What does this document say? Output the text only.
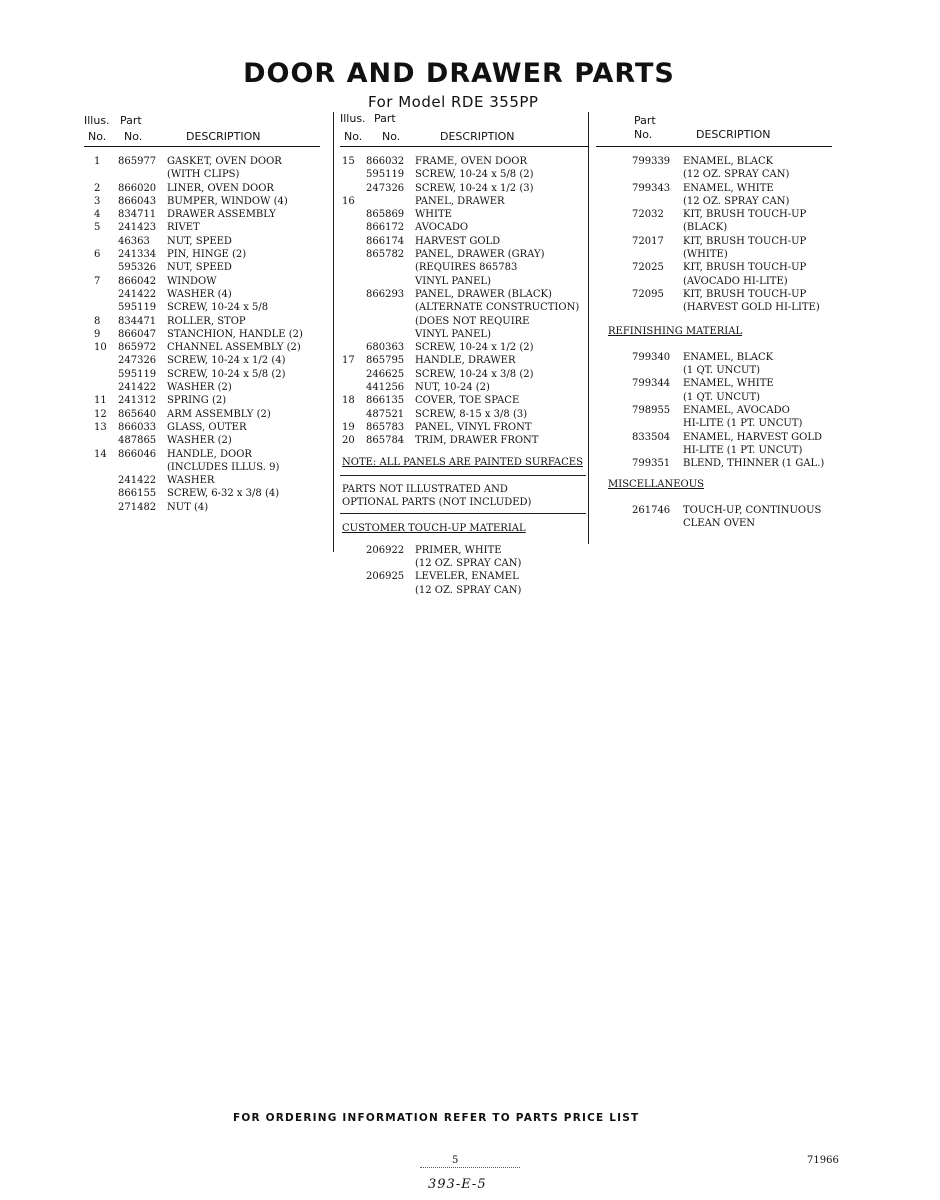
DOOR AND DRAWER PARTS
For Model RDE 355PP
Illus. Part
No. No.	DESCRIPTION
1 865977 GASKET, OVEN DOOR
(WITH CLIPS)
2 866020 LINER, OVEN DOOR
3 866043 BUMPER, WINDOW (4)
4 834711 DRAWER ASSEMBLY
5 241423 RIVET
46363 NUT, SPEED
6 241334 PIN, HINGE (2)
595326 NUT, SPEED
7 866042 WINDOW
241422 WASHER (4)
595119 SCREW, 10-24 x 5/8
8 834471 ROLLER, STOP
9 866047 STANCHION, HANDLE (2)
10 865972 CHANNEL ASSEMBLY (2)
247326 SCREW, 10-24 x 1/2 (4)
595119 SCREW, 10-24 x 5/8 (2)
241422 WASHER (2)
11 241312 SPRING (2)
12 865640 ARM ASSEMBLY (2)
13 866033 GLASS, OUTER
487865 WASHER (2)
14 866046 HANDLE, DOOR
(INCLUDES ILLUS. 9)
241422 WASHER
866155 SCREW, 6-32 x 3/8 (4)
271482 NUT (4)
Illus. Part
No. No.	DESCRIPTION
15 866032 FRAME, OVEN DOOR
595119 SCREW, 10-24 x 5/8 (2)
247326 SCREW, 10-24 x 1/2 (3)
16	PANEL, DRAWER
865869 WHITE
866172 AVOCADO
866174 HARVEST GOLD
865782 PANEL, DRAWER (GRAY)
(REQUIRES 865783
VINYL PANEL)
866293 PANEL, DRAWER (BLACK)
(ALTERNATE CONSTRUCTION)
(DOES NOT REQUIRE
VINYL PANEL)
680363 SCREW, 10-24 x 1/2 (2)
17 865795 HANDLE, DRAWER
246625 SCREW, 10-24 x 3/8 (2)
441256 NUT, 10-24 (2)
18 866135 COVER, TOE SPACE
487521 SCREW, 8-15 x 3/8 (3)
19 865783 PANEL, VINYL FRONT
20 865784 TRIM, DRAWER FRONT
NOTE: ALL PANELS ARE PAINTED SURFACES
PARTS NOT ILLUSTRATED AND
OPTIONAL PARTS (NOT INCLUDED)
CUSTOMER TOUCH-UP MATERIAL
206922 PRIMER, WHITE
(12 OZ. SPRAY CAN)
206925 LEVELER, ENAMEL
(12 OZ. SPRAY CAN)
Part
No.	DESCRIPTION
799339 ENAMEL, BLACK
(12 OZ. SPRAY CAN)
799343 ENAMEL, WHITE
(12 OZ. SPRAY CAN)
72032 KIT, BRUSH TOUCH-UP
(BLACK)
72017 KIT, BRUSH TOUCH-UP
(WHITE)
72025 KIT, BRUSH TOUCH-UP
(AVOCADO HI-LITE)
72095 KIT, BRUSH TOUCH-UP
(HARVEST GOLD HI-LITE)
REFINISHING MATERIAL
799340 ENAMEL, BLACK
(1 QT. UNCUT)
799344 ENAMEL, WHITE
(1 QT. UNCUT)
798955 ENAMEL, AVOCADO
HI-LITE (1 PT. UNCUT)
833504 ENAMEL, HARVEST GOLD
HI-LITE (1 PT. UNCUT)
799351 BLEND, THINNER (1 GAL.)
MISCELLANEOUS
261746 TOUCH-UP, CONTINUOUS
CLEAN OVEN
FOR ORDERING INFORMATION REFER TO PARTS PRICE LIST
5	71966
393-E-5
